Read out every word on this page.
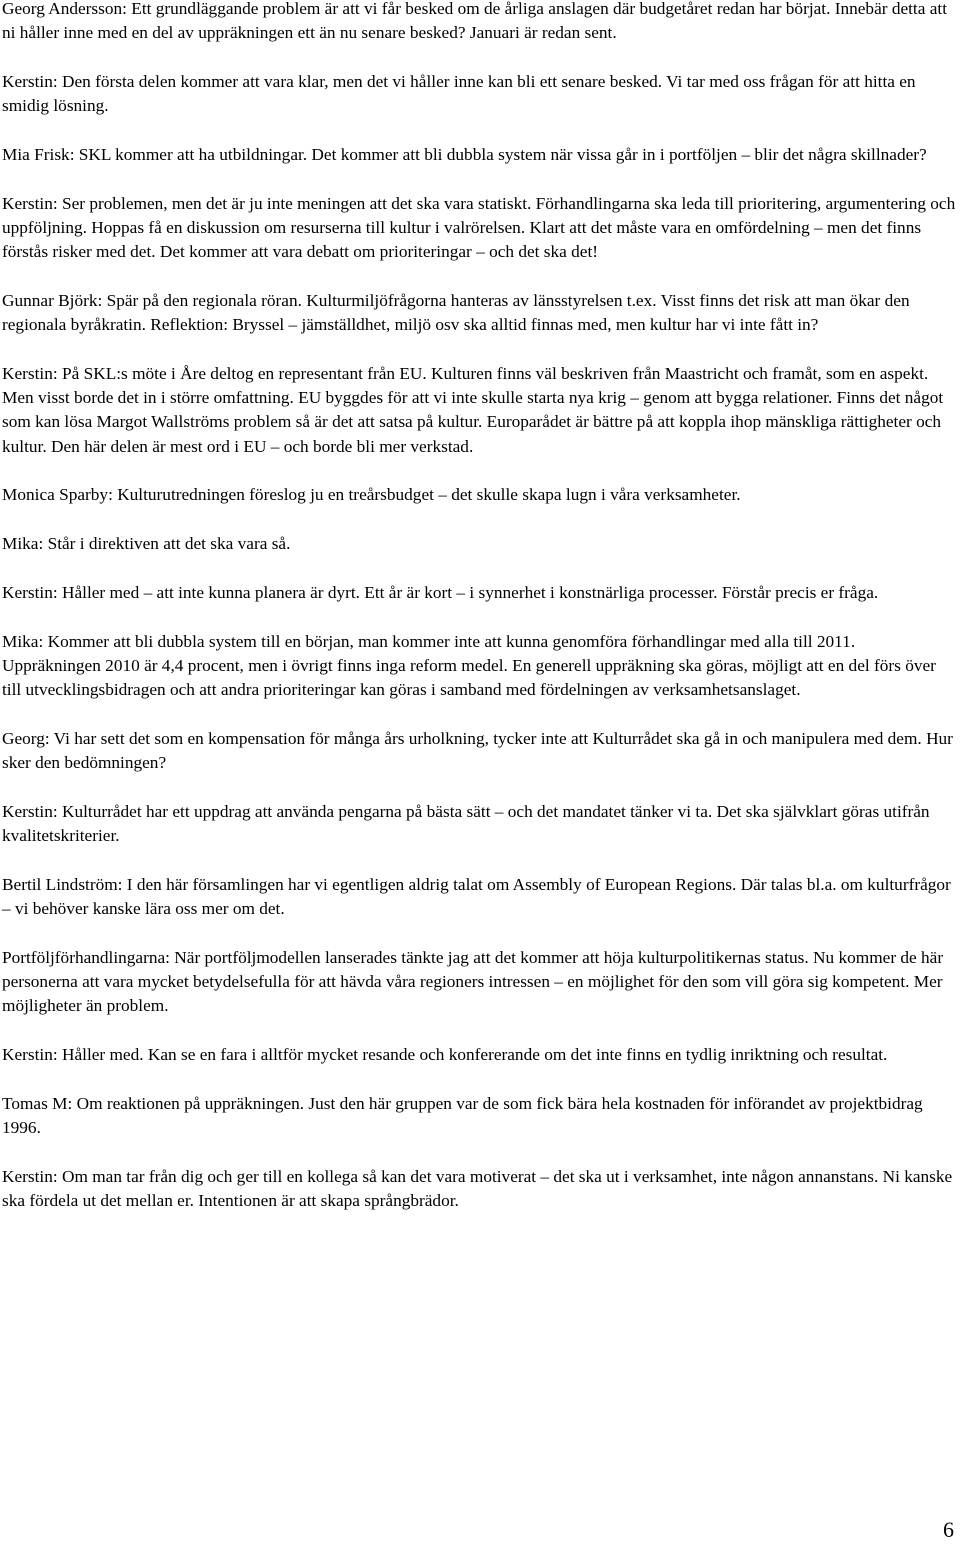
Georg Andersson: Ett grundläggande problem är att vi får besked om de årliga anslagen där budgetåret redan har börjat. Innebär detta att ni håller inne med en del av uppräkningen ett än nu senare besked? Januari är redan sent.

Kerstin: Den första delen kommer att vara klar, men det vi håller inne kan bli ett senare besked. Vi tar med oss frågan för att hitta en smidig lösning.

Mia Frisk: SKL kommer att ha utbildningar. Det kommer att bli dubbla system när vissa går in i portföljen – blir det några skillnader?

Kerstin: Ser problemen, men det är ju inte meningen att det ska vara statiskt. Förhandlingarna ska leda till prioritering, argumentering och uppföljning. Hoppas få en diskussion om resurserna till kultur i valrörelsen. Klart att det måste vara en omfördelning – men det finns förstås risker med det. Det kommer att vara debatt om prioriteringar – och det ska det!

Gunnar Björk: Spär på den regionala röran. Kulturmiljöfrågorna hanteras av länsstyrelsen t.ex. Visst finns det risk att man ökar den regionala byråkratin. Reflektion: Bryssel – jämställdhet, miljö osv ska alltid finnas med, men kultur har vi inte fått in?

Kerstin: På SKL:s möte i Åre deltog en representant från EU. Kulturen finns väl beskriven från Maastricht och framåt, som en aspekt. Men visst borde det in i större omfattning. EU byggdes för att vi inte skulle starta nya krig – genom att bygga relationer. Finns det något som kan lösa Margot Wallströms problem så är det att satsa på kultur. Europarådet är bättre på att koppla ihop mänskliga rättigheter och kultur. Den här delen är mest ord i EU – och borde bli mer verkstad.

Monica Sparby: Kulturutredningen föreslog ju en treårsbudget – det skulle skapa lugn i våra verksamheter.

Mika: Står i direktiven att det ska vara så.

Kerstin: Håller med – att inte kunna planera är dyrt. Ett år är kort – i synnerhet i konstnärliga processer. Förstår precis er fråga.

Mika: Kommer att bli dubbla system till en början, man kommer inte att kunna genomföra förhandlingar med alla till 2011. Uppräkningen 2010 är 4,4 procent, men i övrigt finns inga reform medel. En generell uppräkning ska göras, möjligt att en del förs över till utvecklingsbidragen och att andra prioriteringar kan göras i samband med fördelningen av verksamhetsanslaget.

Georg: Vi har sett det som en kompensation för många års urholkning, tycker inte att Kulturrådet ska gå in och manipulera med dem. Hur sker den bedömningen?

Kerstin: Kulturrådet har ett uppdrag att använda pengarna på bästa sätt – och det mandatet tänker vi ta. Det ska självklart göras utifrån kvalitetskriterier.

Bertil Lindström: I den här församlingen har vi egentligen aldrig talat om Assembly of European Regions. Där talas bl.a. om kulturfrågor – vi behöver kanske lära oss mer om det.

Portföljförhandlingarna: När portföljmodellen lanserades tänkte jag att det kommer att höja kulturpolitikernas status. Nu kommer de här personerna att vara mycket betydelsefulla för att hävda våra regioners intressen – en möjlighet för den som vill göra sig kompetent. Mer möjligheter än problem.

Kerstin: Håller med. Kan se en fara i alltför mycket resande och konfererande om det inte finns en tydlig inriktning och resultat.

Tomas M: Om reaktionen på uppräkningen. Just den här gruppen var de som fick bära hela kostnaden för införandet av projektbidrag 1996.

Kerstin: Om man tar från dig och ger till en kollega så kan det vara motiverat – det ska ut i verksamhet, inte någon annanstans. Ni kanske ska fördela ut det mellan er. Intentionen är att skapa språngbrädor.

6
